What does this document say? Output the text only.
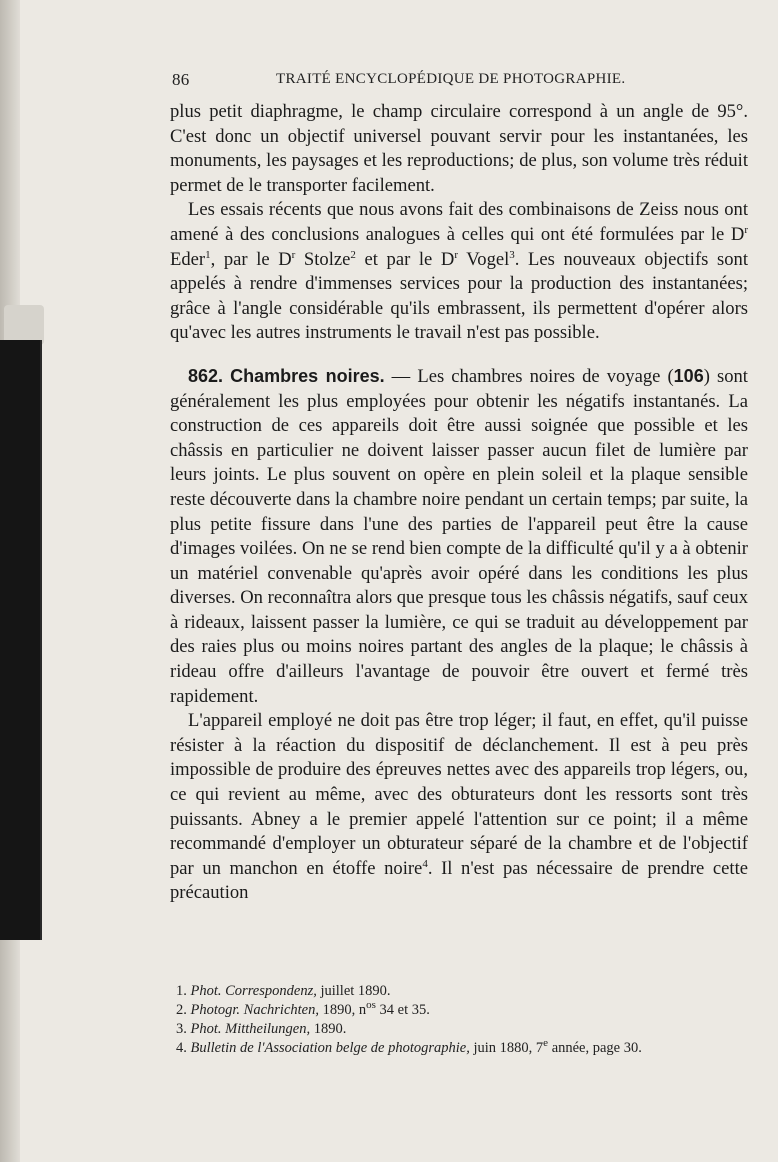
86	TRAITÉ ENCYCLOPÉDIQUE DE PHOTOGRAPHIE.

plus petit diaphragme, le champ circulaire correspond à un angle de 95°. C'est donc un objectif universel pouvant servir pour les instantanées, les monuments, les paysages et les reproductions; de plus, son volume très réduit permet de le transporter facilement.

Les essais récents que nous avons fait des combinaisons de Zeiss nous ont amené à des conclusions analogues à celles qui ont été formulées par le $D^r$ Eder$^1$, par le $D^r$ Stolze$^2$ et par le $D^r$ Vogel$^3$. Les nouveaux objectifs sont appelés à rendre d'immenses services pour la production des instantanées; grâce à l'angle considérable qu'ils embrassent, ils permettent d'opérer alors qu'avec les autres instruments le travail n'est pas possible.

862. Chambres noires. — Les chambres noires de voyage (106) sont généralement les plus employées pour obtenir les négatifs instantanés. La construction de ces appareils doit être aussi soignée que possible et les châssis en particulier ne doivent laisser passer aucun filet de lumière par leurs joints. Le plus souvent on opère en plein soleil et la plaque sensible reste découverte dans la chambre noire pendant un certain temps; par suite, la plus petite fissure dans l'une des parties de l'appareil peut être la cause d'images voilées. On ne se rend bien compte de la difficulté qu'il y a à obtenir un matériel convenable qu'après avoir opéré dans les conditions les plus diverses. On reconnaîtra alors que presque tous les châssis négatifs, sauf ceux à rideaux, laissent passer la lumière, ce qui se traduit au développement par des raies plus ou moins noires partant des angles de la plaque; le châssis à rideau offre d'ailleurs l'avantage de pouvoir être ouvert et fermé très rapidement.

L'appareil employé ne doit pas être trop léger; il faut, en effet, qu'il puisse résister à la réaction du dispositif de déclanchement. Il est à peu près impossible de produire des épreuves nettes avec des appareils trop légers, ou, ce qui revient au même, avec des obturateurs dont les ressorts sont très puissants. Abney a le premier appelé l'attention sur ce point; il a même recommandé d'employer un obturateur séparé de la chambre et de l'objectif par un manchon en étoffe noire$^4$. Il n'est pas nécessaire de prendre cette précaution

1. Phot. Correspondenz, juillet 1890.
2. Photogr. Nachrichten, 1890, $n^{os}$ 34 et 35.
3. Phot. Mittheilungen, 1890.
4. Bulletin de l'Association belge de photographie, juin 1880, 7e année, page 30.
